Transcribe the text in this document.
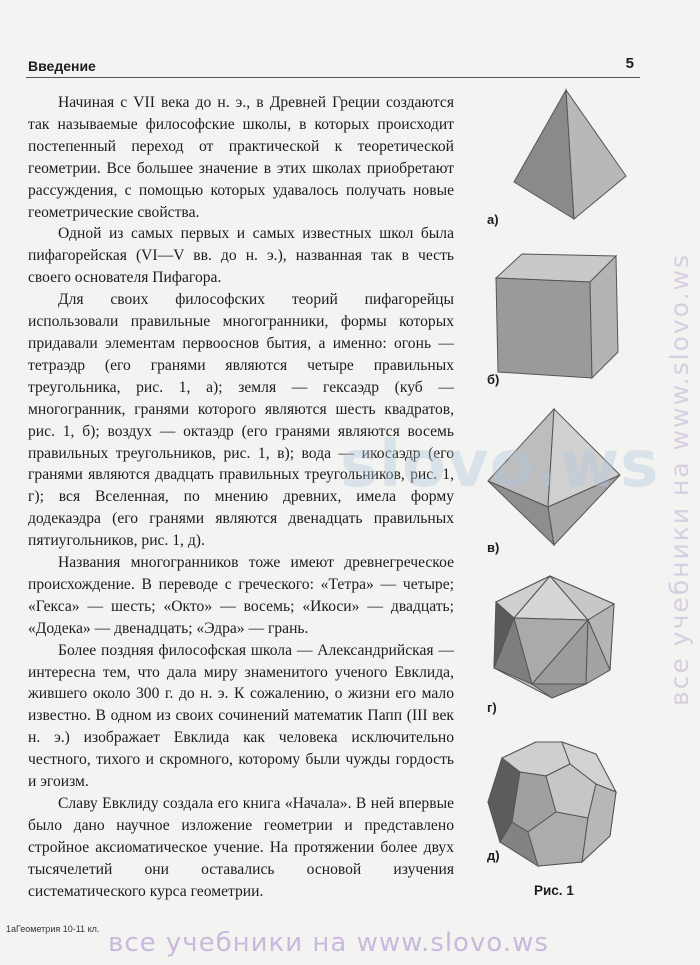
Введение	5

Начиная с VII века до н. э., в Древней Греции создаются так называемые философские школы, в которых происходит постепенный переход от практической к теоретической геометрии. Все большее значение в этих школах приобретают рассуждения, с помощью которых удавалось получать новые геометрические свойства.

Одной из самых первых и самых известных школ была пифагорейская (VI—V вв. до н. э.), названная так в честь своего основателя Пифагора.

Для своих философских теорий пифагорейцы использовали правильные многогранники, формы которых придавали элементам первооснов бытия, а именно: огонь — тетраэдр (его гранями являются четыре правильных треугольника, рис. 1, а); земля — гексаэдр (куб — многогранник, гранями которого являются шесть квадратов, рис. 1, б); воздух — октаэдр (его гранями являются восемь правильных треугольников, рис. 1, в); вода — икосаэдр (его гранями являются двадцать правильных треугольников, рис. 1, г); вся Вселенная, по мнению древних, имела форму додекаэдра (его гранями являются двенадцать правильных пятиугольников, рис. 1, д).

Названия многогранников тоже имеют древнегреческое происхождение. В переводе с греческого: «Тетра» — четыре; «Гекса» — шесть; «Окто» — восемь; «Икоси» — двадцать; «Додека» — двенадцать; «Эдра» — грань.

Более поздняя философская школа — Александрийская — интересна тем, что дала миру знаменитого ученого Евклида, жившего около 300 г. до н. э. К сожалению, о жизни его мало известно. В одном из своих сочинений математик Папп (III век н. э.) изображает Евклида как человека исключительно честного, тихого и скромного, которому были чужды гордость и эгоизм.

Славу Евклиду создала его книга «Начала». В ней впервые было дано научное изложение геометрии и представлено стройное аксиоматическое учение. На протяжении более двух тысячелетий они оставались основой изучения систематического курса геометрии.

а)
б)
в)
г)
д)
Рис. 1
slovo.ws все учебники на www.slovo.ws
1аГеометрия 10-11 кл. все учебники на www.slovo.ws
